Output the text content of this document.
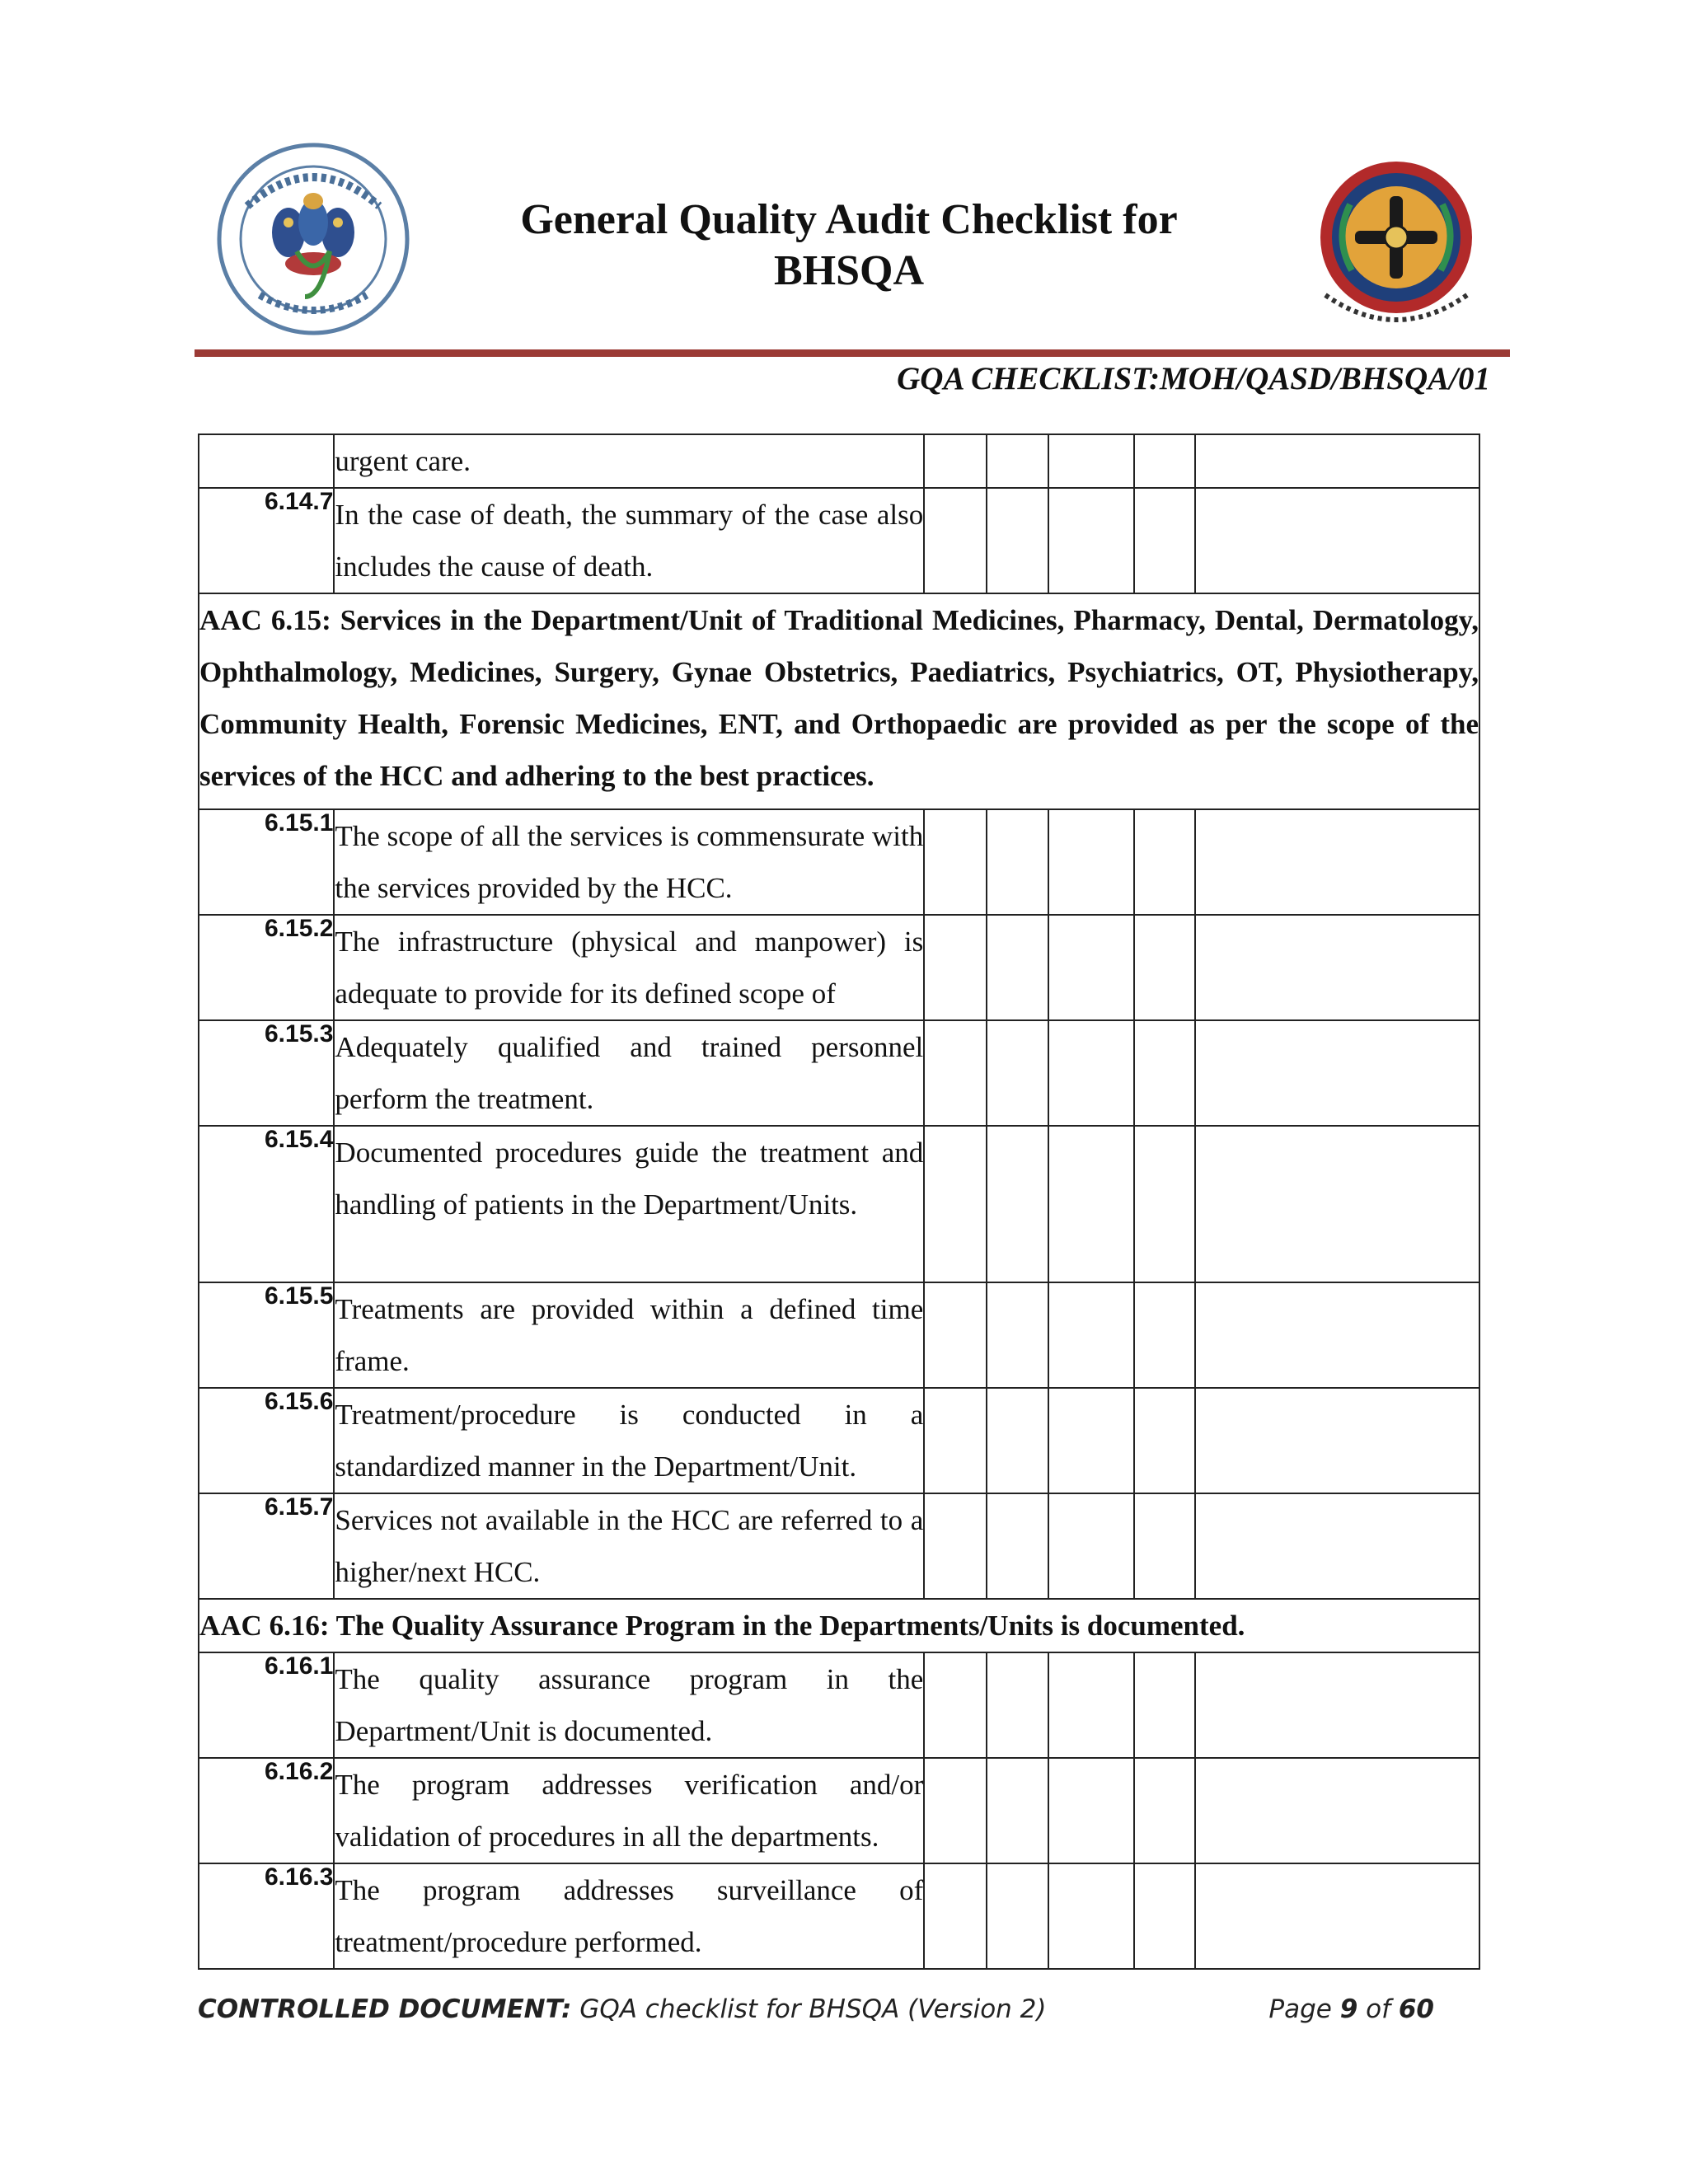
General Quality Audit Checklist for
BHSQA
GQA CHECKLIST:MOH/QASD/BHSQA/01
	urgent care.					
6.14.7	In the case of death, the summary of the case also includes the cause of death.					
AAC 6.15: Services in the Department/Unit of Traditional Medicines, Pharmacy, Dental, Dermatology, Ophthalmology, Medicines, Surgery, Gynae Obstetrics, Paediatrics, Psychiatrics, OT, Physiotherapy, Community Health, Forensic Medicines, ENT, and Orthopaedic are provided as per the scope of the services of the HCC and adhering to the best practices.						
6.15.1	The scope of all the services is commensurate with the services provided by the HCC.					
6.15.2	The infrastructure (physical and manpower) is adequate to provide for its defined scope of					
6.15.3	Adequately qualified and trained personnel perform the treatment.					
6.15.4	Documented procedures guide the treatment and handling of patients in the Department/Units.					
6.15.5	Treatments are provided within a defined time frame.					
6.15.6	Treatment/procedure is conducted in a standardized manner in the Department/Unit.					
6.15.7	Services not available in the HCC are referred to a higher/next HCC.					
AAC 6.16: The Quality Assurance Program in the Departments/Units is documented.						
6.16.1	The quality assurance program in the Department/Unit is documented.					
6.16.2	The program addresses verification and/or validation of procedures in all the departments.					
6.16.3	The program addresses surveillance of treatment/procedure performed.					
CONTROLLED DOCUMENT: GQA checklist for BHSQA (Version 2)	Page 9 of 60
